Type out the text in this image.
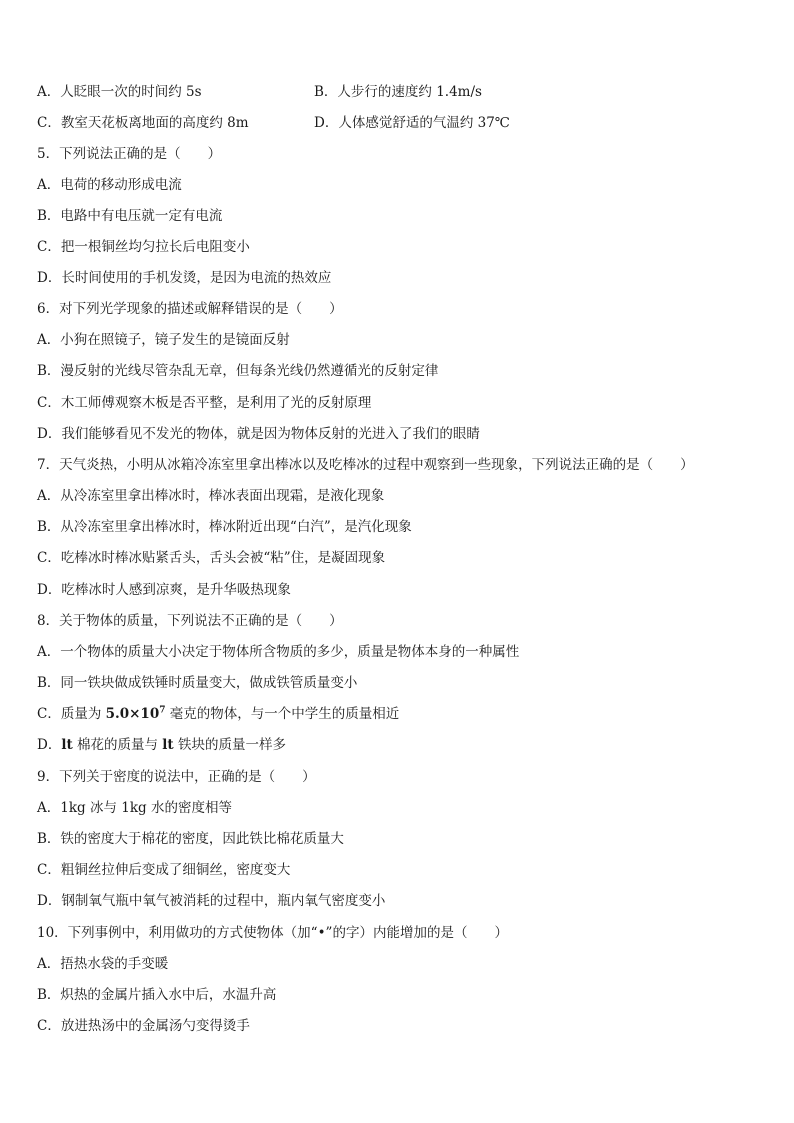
A．人眨眼一次的时间约 5s	B．人步行的速度约 1.4m/s
C．教室天花板离地面的高度约 8m	D．人体感觉舒适的气温约 37℃
5．下列说法正确的是（　　）
A．电荷的移动形成电流
B．电路中有电压就一定有电流
C．把一根铜丝均匀拉长后电阻变小
D．长时间使用的手机发烫，是因为电流的热效应
6．对下列光学现象的描述或解释错误的是（　　）
A．小狗在照镜子，镜子发生的是镜面反射
B．漫反射的光线尽管杂乱无章，但每条光线仍然遵循光的反射定律
C．木工师傅观察木板是否平整，是利用了光的反射原理
D．我们能够看见不发光的物体，就是因为物体反射的光进入了我们的眼睛
7．天气炎热，小明从冰箱冷冻室里拿出棒冰以及吃棒冰的过程中观察到一些现象，下列说法正确的是（　　）
A．从冷冻室里拿出棒冰时，棒冰表面出现霜，是液化现象
B．从冷冻室里拿出棒冰时，棒冰附近出现“白汽”，是汽化现象
C．吃棒冰时棒冰贴紧舌头，舌头会被“粘”住，是凝固现象
D．吃棒冰时人感到凉爽，是升华吸热现象
8．关于物体的质量，下列说法不正确的是（　　）
A．一个物体的质量大小决定于物体所含物质的多少，质量是物体本身的一种属性
B．同一铁块做成铁锤时质量变大，做成铁管质量变小
C．质量为 $5.0\times 10^7$ 毫克的物体，与一个中学生的质量相近
D．lt 棉花的质量与 lt 铁块的质量一样多
9．下列关于密度的说法中，正确的是（　　）
A．1kg 冰与 1kg 水的密度相等
B．铁的密度大于棉花的密度，因此铁比棉花质量大
C．粗铜丝拉伸后变成了细铜丝，密度变大
D．钢制氧气瓶中氧气被消耗的过程中，瓶内氧气密度变小
10．下列事例中，利用做功的方式使物体（加“•”的字）内能增加的是（　　）
A．捂热水袋的手变暖
B．炽热的金属片插入水中后，水温升高
C．放进热汤中的金属汤勺变得烫手
